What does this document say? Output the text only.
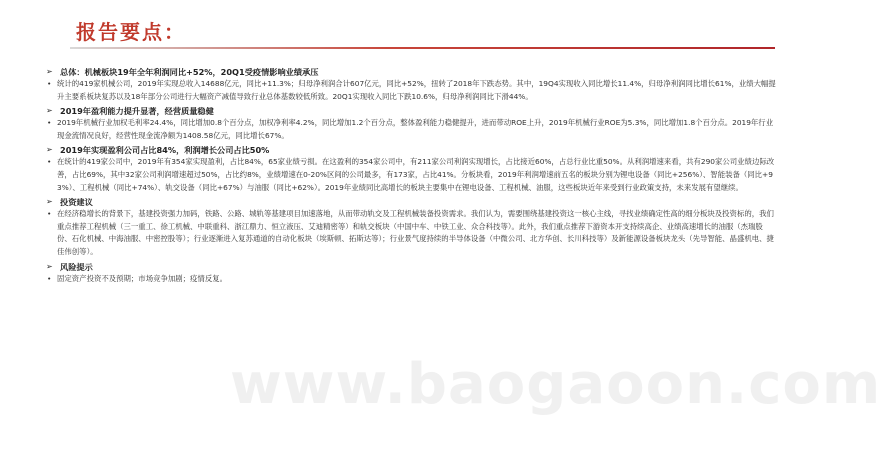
报告要点：
➢ 总体：机械板块19年全年利润同比+52%，20Q1受疫情影响业绩承压
• 统计的419家机械公司，2019年实现总收入14688亿元，同比+11.3%；归母净利润合计607亿元，同比+52%，扭转了2018年下跌态势。其中，19Q4实现收入同比增长11.4%，归母净利润同比增长61%，业绩大幅提升主要系板块复苏以及18年部分公司进行大幅资产减值导致行业总体基数较低所致。20Q1实现收入同比下跌10.6%，归母净利润同比下滑44%。
➢ 2019年盈利能力提升显著，经营质量稳健
• 2019年机械行业加权毛利率24.4%，同比增加0.8个百分点，加权净利率4.2%，同比增加1.2个百分点，整体盈利能力稳健提升，进而带动ROE上升，2019年机械行业ROE为5.3%，同比增加1.8个百分点。2019年行业现金流情况良好，经营性现金流净额为1408.58亿元，同比增长67%。
➢ 2019年实现盈利公司占比84%，利润增长公司占比50%
• 在统计的419家公司中，2019年有354家实现盈利，占比84%，65家业绩亏损。在这盈利的354家公司中，有211家公司利润实现增长，占比接近60%，占总行业比重50%。从利润增速来看，共有290家公司业绩边际改善，占比69%，其中32家公司利润增速超过50%，占比约8%，业绩增速在0-20%区间的公司最多，有173家，占比41%。分板块看，2019年利润增速前五名的板块分别为锂电设备（同比+256%）、智能装备（同比+93%）、工程机械（同比+74%）、轨交设备（同比+67%）与油服（同比+62%）。2019年业绩同比高增长的板块主要集中在锂电设备、工程机械、油服，这些板块近年来受到行业政策支持，未来发展有望继续。
➢ 投资建议
• 在经济稳增长的背景下，基建投资强力加码，铁路、公路、城轨等基建项目加速落地，从而带动轨交及工程机械装备投资需求。我们认为，需要围绕基建投资这一核心主线，寻找业绩确定性高的细分板块及投资标的，我们重点推荐工程机械（三一重工、徐工机械、中联重科、浙江鼎力、恒立液压、艾迪精密等）和轨交板块（中国中车、中铁工业、众合科技等）。此外，我们重点推荐下游资本开支持续高企、业绩高速增长的油服（杰瑞股份、石化机械、中海油服、中密控股等）；行业逐渐进入复苏通道的自动化板块（埃斯顿、拓斯达等）；行业景气度持续的半导体设备（中微公司、北方华创、长川科技等）及新能源设备板块龙头（先导智能、晶盛机电、捷佳伟创等）。
➢ 风险提示
• 固定资产投资不及预期；市场竞争加剧；疫情反复。
www.baogaoon.com
